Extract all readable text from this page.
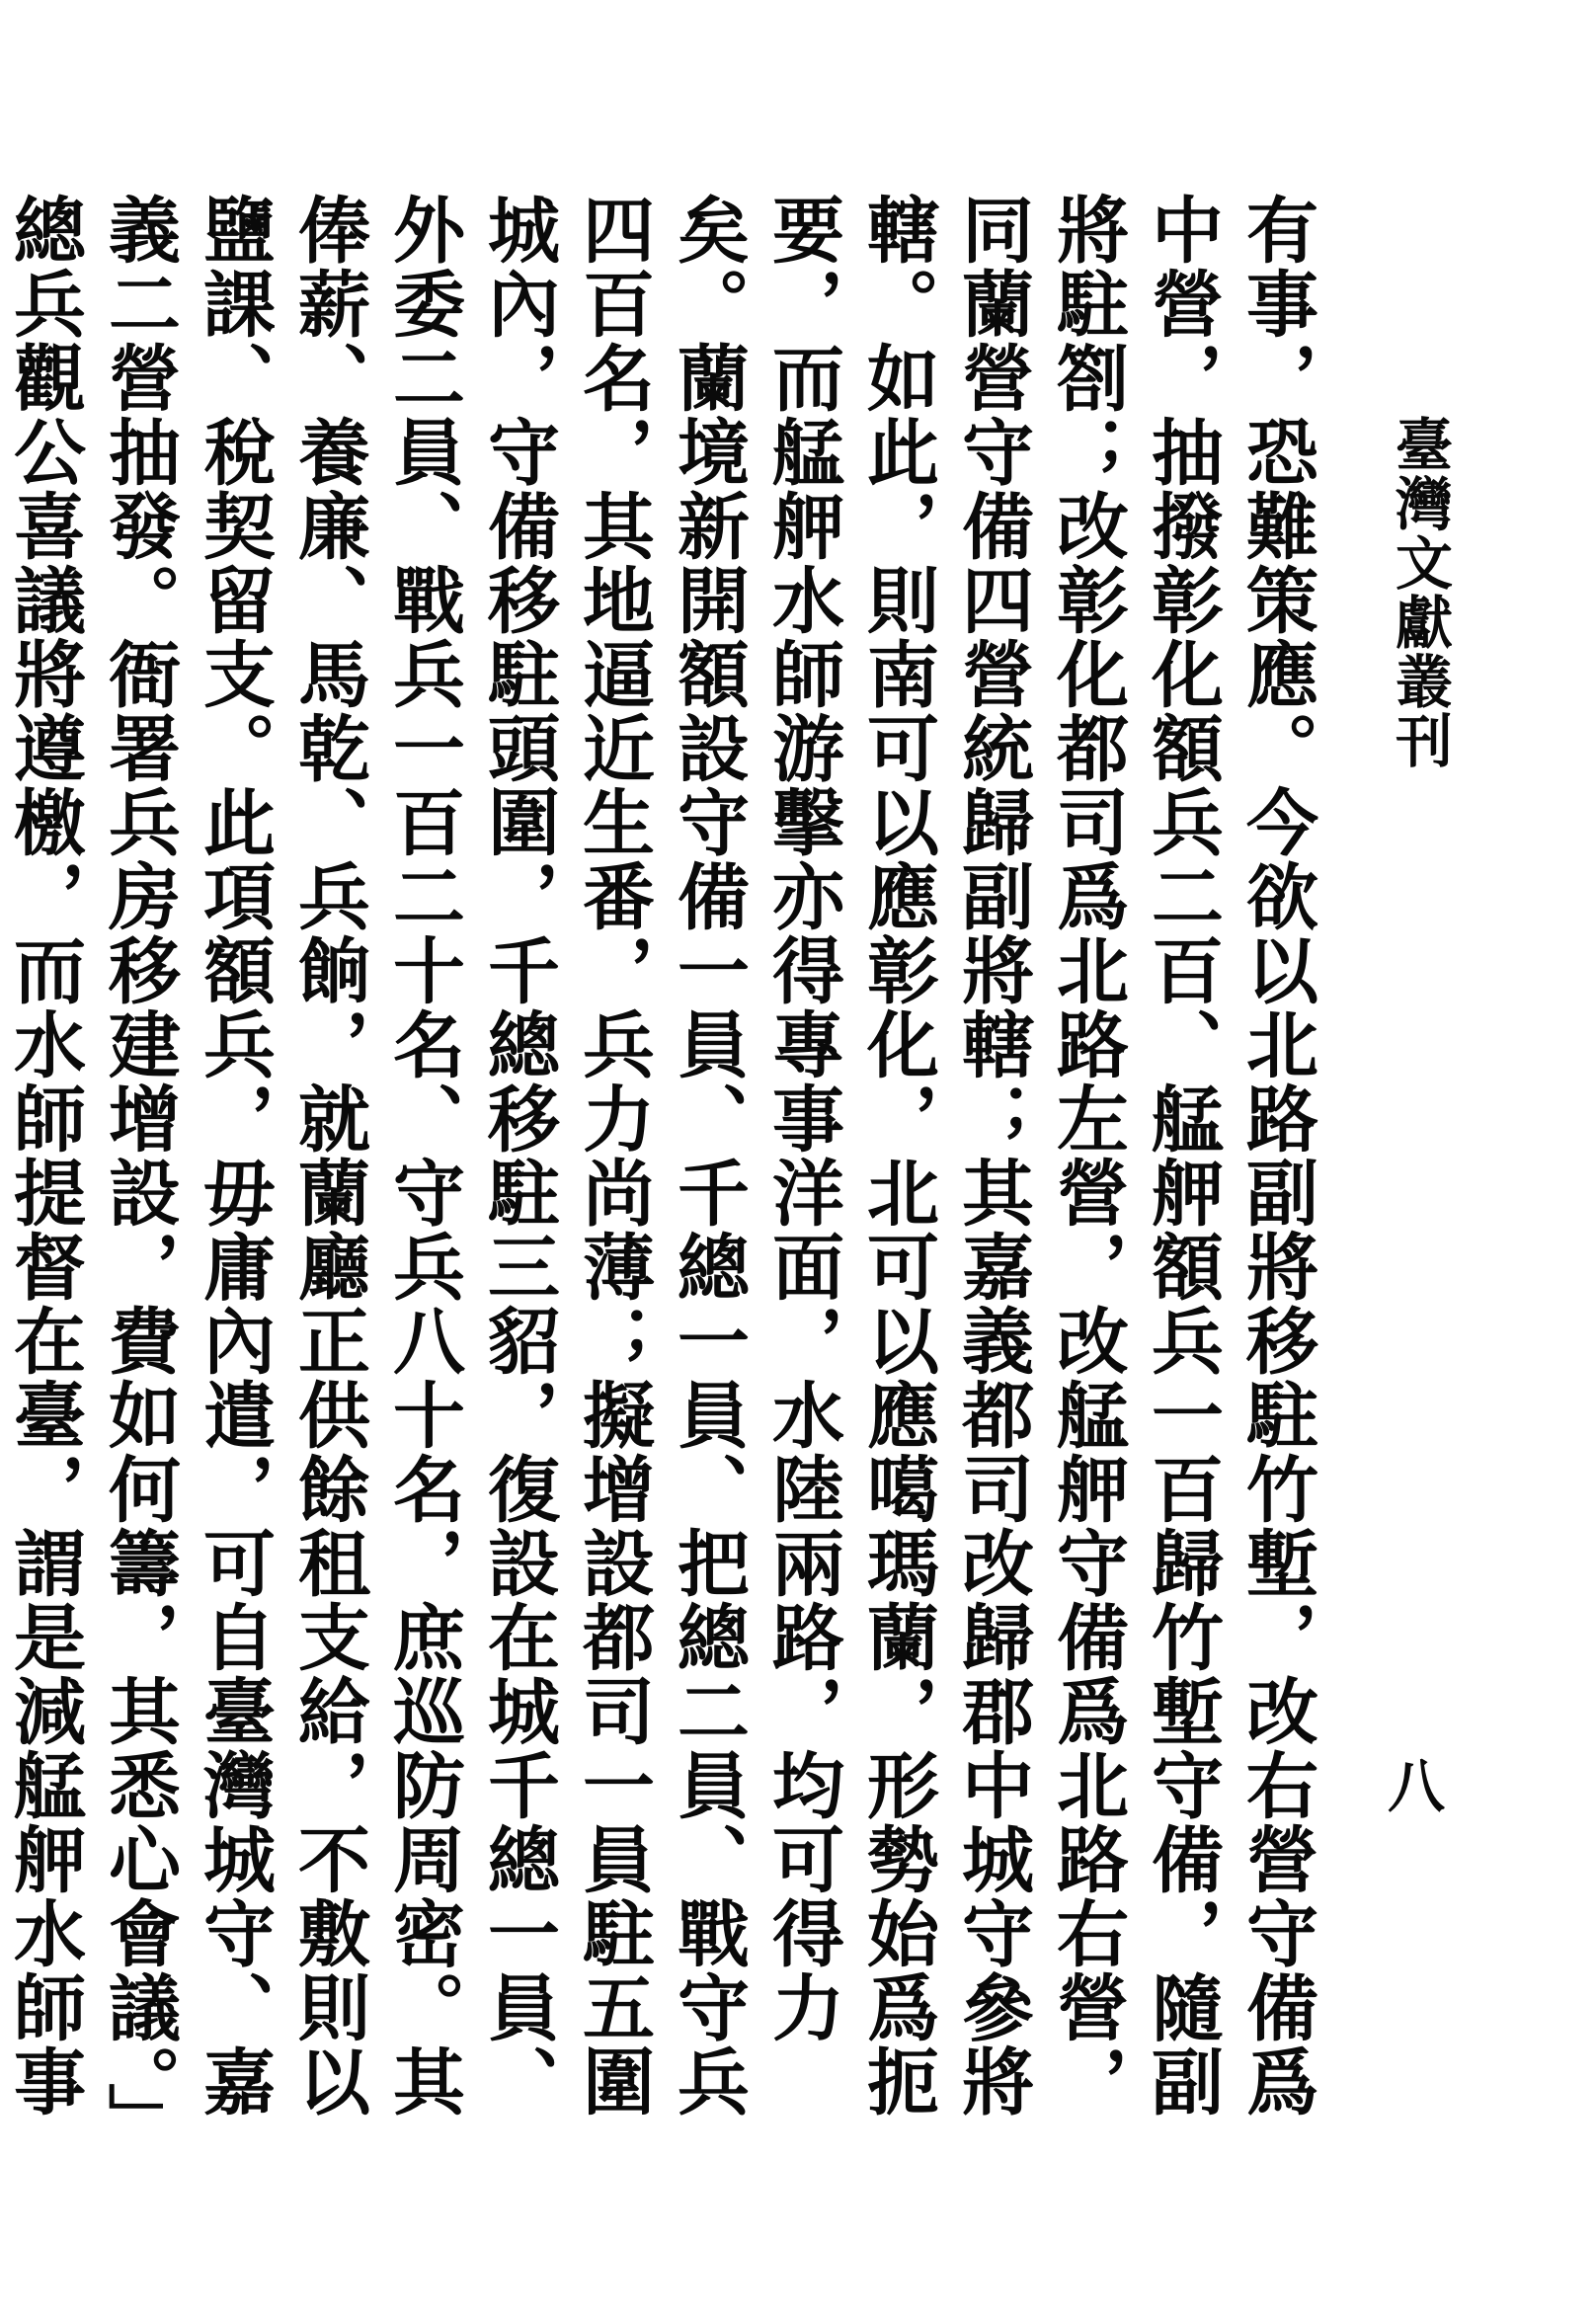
臺灣文獻叢刊
八

有事，恐難策應。今欲以北路副將移駐竹塹，改右營守備爲中營，抽撥彰化額兵二百、艋舺額兵一百歸竹塹守備，隨副將駐劄；改彰化都司爲北路左營，改艋舺守備爲北路右營，同蘭營守備四營統歸副將轄；其嘉義都司改歸郡中城守參將轄。如此，則南可以應彰化，北可以應噶瑪蘭，形勢始爲扼要，而艋舺水師游擊亦得專事洋面，水陸兩路，均可得力矣。蘭境新開額設守備一員、千總一員、把總二員、戰守兵四百名，其地逼近生番，兵力尚薄；擬增設都司一員駐五圍城內，守備移駐頭圍，千總移駐三貂，復設在城千總一員、外委二員、戰兵一百二十名、守兵八十名，庶巡防周密。其俸薪、養廉、馬乾、兵餉，就蘭廳正供餘租支給，不敷則以鹽課、稅契留支。此項額兵，毋庸內遣，可自臺灣城守、嘉義二營抽發。衙署兵房移建增設，費如何籌，其悉心會議。」總兵觀公喜議將遵檄，而水師提督在臺，謂是減艋舺水師事
